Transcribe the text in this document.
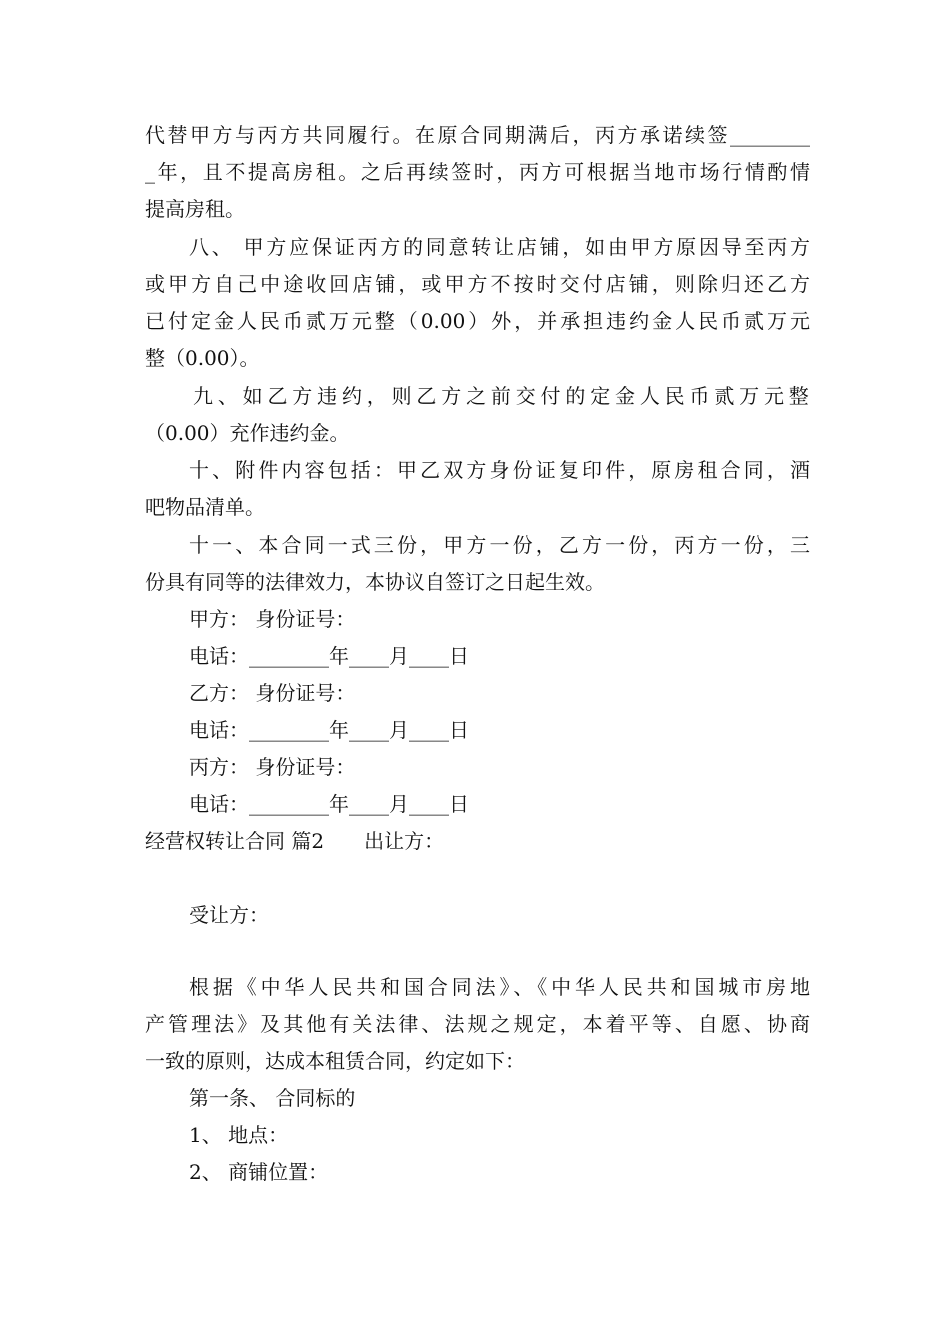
代替甲方与丙方共同履行。在原合同期满后，丙方承诺续签________
_年，且不提高房租。之后再续签时，丙方可根据当地市场行情酌情
提高房租。
八、 甲方应保证丙方的同意转让店铺，如由甲方原因导至丙方
或甲方自己中途收回店铺，或甲方不按时交付店铺，则除归还乙方
已付定金人民币贰万元整（0.00）外，并承担违约金人民币贰万元
整（0.00）。
九、如乙方违约，则乙方之前交付的定金人民币贰万元整
（0.00）充作违约金。
十、附件内容包括：甲乙双方身份证复印件，原房租合同，酒
吧物品清单。
十一、本合同一式三份，甲方一份，乙方一份，丙方一份，三
份具有同等的法律效力，本协议自签订之日起生效。
甲方： 身份证号：
电话：________年____月____日
乙方： 身份证号：
电话：________年____月____日
丙方： 身份证号：
电话：________年____月____日
经营权转让合同 篇2　　出让方：
受让方：
根据《中华人民共和国合同法》、《中华人民共和国城市房地
产管理法》及其他有关法律、法规之规定，本着平等、自愿、协商
一致的原则，达成本租赁合同，约定如下：
第一条、 合同标的
1、 地点：
2、 商铺位置：
